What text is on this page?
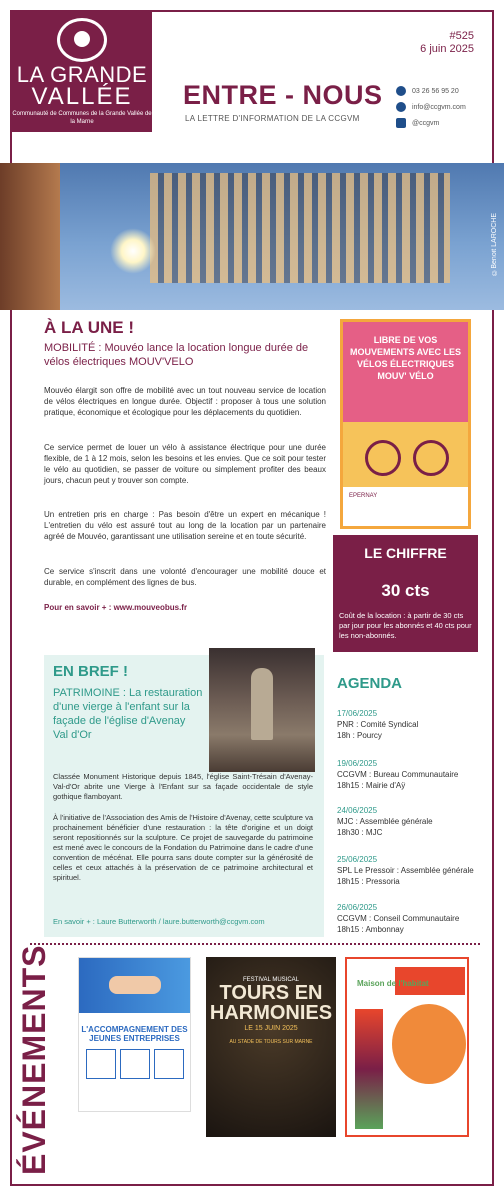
LA GRANDE
VALLÉE
Communauté de Communes de la Grande Vallée de la Marne
ENTRE - NOUS
LA LETTRE D'INFORMATION DE LA CCGVM
#525
6 juin 2025
03 26 56 95 20
info@ccgvm.com
@ccgvm
©Benoit LAROCHE
À LA UNE !
MOBILITÉ : Mouvéo lance la location longue durée de vélos électriques MOUV'VELO
Mouvéo élargit son offre de mobilité avec un tout nouveau service de location de vélos électriques en longue durée. Objectif : proposer à tous une solution pratique, économique et écologique pour les déplacements du quotidien.
Ce service permet de louer un vélo à assistance électrique pour une durée flexible, de 1 à 12 mois, selon les besoins et les envies. Que ce soit pour tester le vélo au quotidien, se passer de voiture ou simplement profiter des beaux jours, chacun peut y trouver son compte.
Un entretien pris en charge : Pas besoin d'être un expert en mécanique ! L'entretien du vélo est assuré tout au long de la location par un partenaire agréé de Mouvéo, garantissant une utilisation sereine et en toute sécurité.
Ce service s'inscrit dans une volonté d'encourager une mobilité douce et durable, en complément des lignes de bus.
Pour en savoir + : www.mouveobus.fr
LIBRE DE VOS MOUVEMENTS AVEC LES VÉLOS ÉLECTRIQUES MOUV' VÉLO
EPERNAY
LE CHIFFRE
30 cts
Coût de la location : à partir de 30 cts par jour pour les abonnés et 40 cts pour les non-abonnés.
EN BREF !
PATRIMOINE : La restauration d'une vierge à l'enfant sur la façade de l'église d'Avenay Val d'Or
Classée Monument Historique depuis 1845, l'église Saint-Trésain d'Avenay-Val-d'Or abrite une Vierge à l'Enfant sur sa façade occidentale de style gothique flamboyant.
À l'initiative de l'Association des Amis de l'Histoire d'Avenay, cette sculpture va prochainement bénéficier d'une restauration : la tête d'origine et un doigt seront repositionnés sur la sculpture. Ce projet de sauvegarde du patrimoine est mené avec le concours de la Fondation du Patrimoine dans le cadre d'une convention de mécénat. Elle pourra sans doute compter sur la générosité de celles et ceux attachés à la préservation de ce patrimoine architectural et spirituel.
En savoir + : Laure Butterworth / laure.butterworth@ccgvm.com
AGENDA
17/06/2025
PNR : Comité Syndical
18h : Pourcy
19/06/2025
CCGVM : Bureau Communautaire
18h15 : Mairie d'Aÿ
24/06/2025
MJC : Assemblée générale
18h30 : MJC
25/06/2025
SPL Le Pressoir : Assemblée générale
18h15 : Pressoria
26/06/2025
CCGVM : Conseil Communautaire
18h15 : Ambonnay
ÉVÉNEMENTS	L'ACCOMPAGNEMENT DES JEUNES ENTREPRISES
FESTIVAL MUSICAL
TOURS EN HARMONIES
LE 15 JUIN 2025
AU STADE DE TOURS SUR MARNE
Maison de l'habitat
